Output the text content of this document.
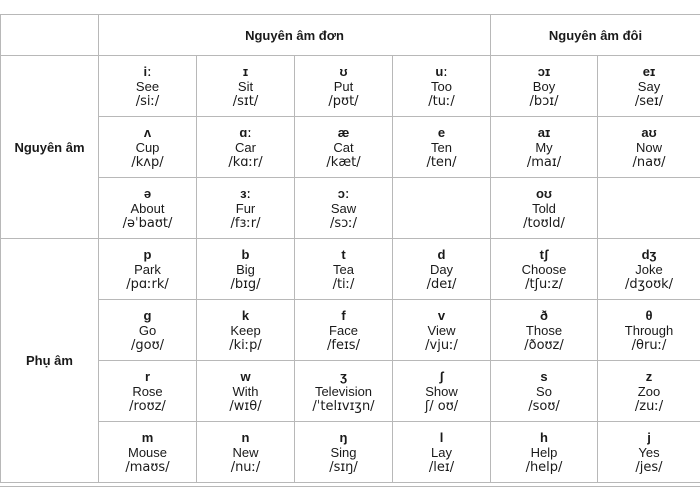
	Nguyên âm đơn				Nguyên âm đôi	
Nguyên âm	iː
See
/siː/	ɪ
Sit
/sɪt/	ʊ
Put
/pʊt/	uː
Too
/tuː/	ɔɪ
Boy
/bɔɪ/	eɪ
Say
/seɪ/

	ʌ
Cup
/kʌp/	ɑː
Car
/kɑːr/	æ
Cat
/kæt/	e
Ten
/ten/	aɪ
My
/maɪ/	aʊ
Now
/naʊ/

	ə
About
/əˈbaʊt/	ɜː
Fur
/fɜːr/	ɔː
Saw
/sɔː/		oʊ
Told
/toʊld/	

Phụ âm	p
Park
/pɑːrk/	b
Big
/bɪg/	t
Tea
/tiː/	d
Day
/deɪ/	tʃ
Choose
/tʃuːz/	dʒ
Joke
/dʒoʊk/

	g
Go
/goʊ/	k
Keep
/kiːp/	f
Face
/feɪs/	v
View
/vjuː/	ð
Those
/ðoʊz/	θ
Through
/θruː/

	r
Rose
/roʊz/	w
With
/wɪθ/	ʒ
Television
/ˈtelɪvɪʒn/	ʃ
Show
ʃ/ oʊ/	s
So
/soʊ/	z
Zoo
/zuː/

	m
Mouse
/maʊs/	n
New
/nuː/	ŋ
Sing
/sɪŋ/	l
Lay
/leɪ/	h
Help
/help/	j
Yes
/jes/
